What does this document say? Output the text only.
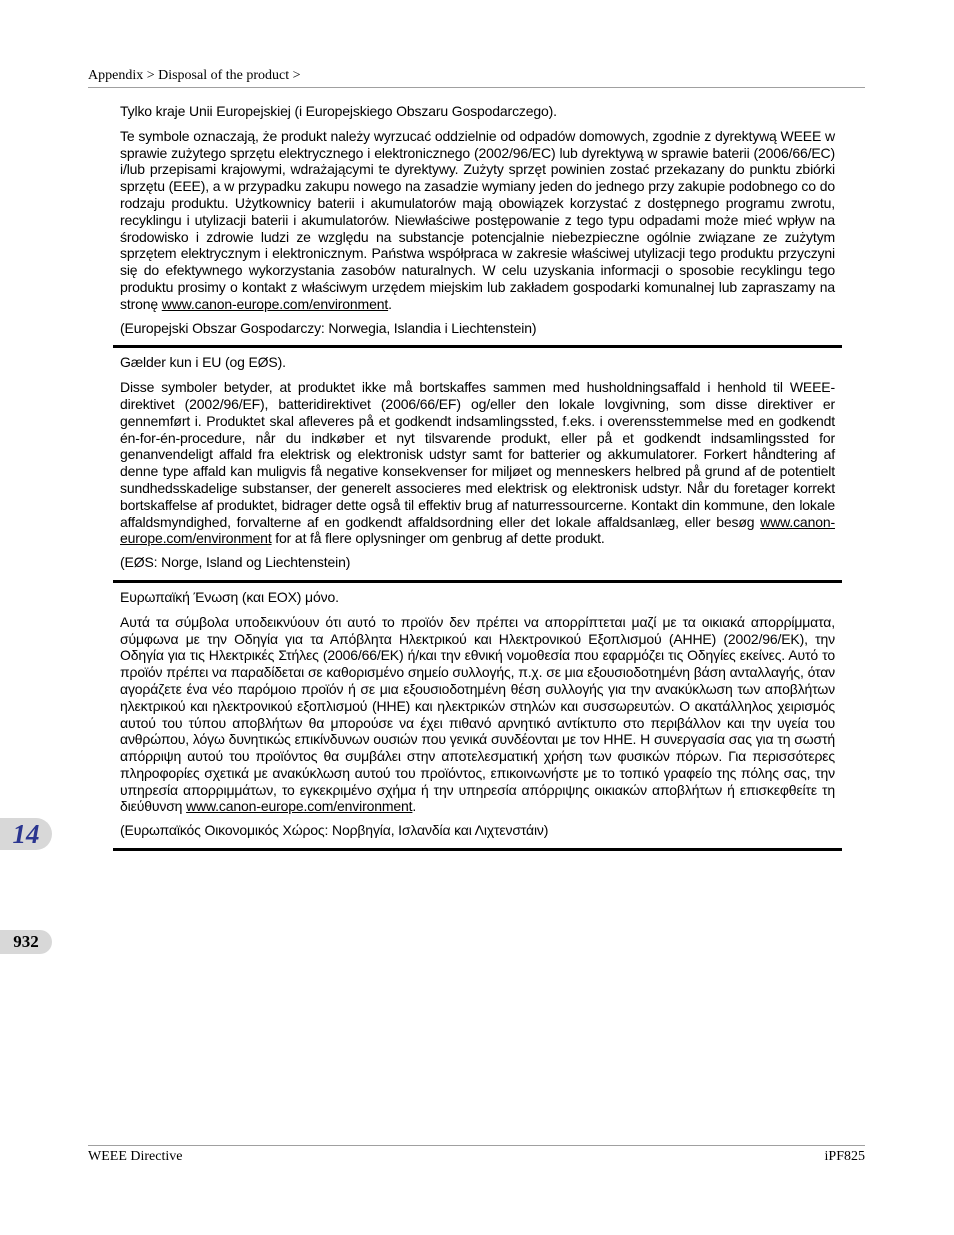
Appendix > Disposal of the product >

Tylko kraje Unii Europejskiej (i Europejskiego Obszaru Gospodarczego).

Te symbole oznaczają, że produkt należy wyrzucać oddzielnie od odpadów domowych, zgodnie z dyrektywą WEEE w sprawie zużytego sprzętu elektrycznego i elektronicznego (2002/96/EC) lub dyrektywą w sprawie baterii (2006/66/EC) i/lub przepisami krajowymi, wdrażającymi te dyrektywy. Zużyty sprzęt powinien zostać przekazany do punktu zbiórki sprzętu (EEE), a w przypadku zakupu nowego na zasadzie wymiany jeden do jednego przy zakupie podobnego co do rodzaju produktu. Użytkownicy baterii i akumulatorów mają obowiązek korzystać z dostępnego programu zwrotu, recyklingu i utylizacji baterii i akumulatorów. Niewłaściwe postępowanie z tego typu odpadami może mieć wpływ na środowisko i zdrowie ludzi ze względu na substancje potencjalnie niebezpieczne ogólnie związane ze zużytym sprzętem elektrycznym i elektronicznym. Państwa współpraca w zakresie właściwej utylizacji tego produktu przyczyni się do efektywnego wykorzystania zasobów naturalnych. W celu uzyskania informacji o sposobie recyklingu tego produktu prosimy o kontakt z właściwym urzędem miejskim lub zakładem gospodarki komunalnej lub zapraszamy na stronę www.canon-europe.com/environment.

(Europejski Obszar Gospodarczy: Norwegia, Islandia i Liechtenstein)

Gælder kun i EU (og EØS).

Disse symboler betyder, at produktet ikke må bortskaffes sammen med husholdningsaffald i henhold til WEEE-direktivet (2002/96/EF), batteridirektivet (2006/66/EF) og/eller den lokale lovgivning, som disse direktiver er gennemført i. Produktet skal afleveres på et godkendt indsamlingssted, f.eks. i overensstemmelse med en godkendt én-for-én-procedure, når du indkøber et nyt tilsvarende produkt, eller på et godkendt indsamlingssted for genanvendeligt affald fra elektrisk og elektronisk udstyr samt for batterier og akkumulatorer. Forkert håndtering af denne type affald kan muligvis få negative konsekvenser for miljøet og menneskers helbred på grund af de potentielt sundhedsskadelige substanser, der generelt associeres med elektrisk og elektronisk udstyr. Når du foretager korrekt bortskaffelse af produktet, bidrager dette også til effektiv brug af naturressourcerne. Kontakt din kommune, den lokale affaldsmyndighed, forvalterne af en godkendt affaldsordning eller det lokale affaldsanlæg, eller besøg www.canon-europe.com/environment for at få flere oplysninger om genbrug af dette produkt.

(EØS: Norge, Island og Liechtenstein)

Ευρωπαϊκή Ένωση (και ΕΟΧ) μόνο.

Αυτά τα σύμβολα υποδεικνύουν ότι αυτό το προϊόν δεν πρέπει να απορρίπτεται μαζί με τα οικιακά απορρίμματα, σύμφωνα με την Οδηγία για τα Απόβλητα Ηλεκτρικού και Ηλεκτρονικού Εξοπλισμού (ΑΗΗΕ) (2002/96/ΕΚ), την Οδηγία για τις Ηλεκτρικές Στήλες (2006/66/ΕΚ) ή/και την εθνική νομοθεσία που εφαρμόζει τις Οδηγίες εκείνες. Αυτό το προϊόν πρέπει να παραδίδεται σε καθορισμένο σημείο συλλογής, π.χ. σε μια εξουσιοδοτημένη βάση ανταλλαγής, όταν αγοράζετε ένα νέο παρόμοιο προϊόν ή σε μια εξουσιοδοτημένη θέση συλλογής για την ανακύκλωση των αποβλήτων ηλεκτρικού και ηλεκτρονικού εξοπλισμού (ΗΗΕ) και ηλεκτρικών στηλών και συσσωρευτών. Ο ακατάλληλος χειρισμός αυτού του τύπου αποβλήτων θα μπορούσε να έχει πιθανό αρνητικό αντίκτυπο στο περιβάλλον και την υγεία του ανθρώπου, λόγω δυνητικώς επικίνδυνων ουσιών που γενικά συνδέονται με τον ΗΗΕ. Η συνεργασία σας για τη σωστή απόρριψη αυτού του προϊόντος θα συμβάλει στην αποτελεσματική χρήση των φυσικών πόρων. Για περισσότερες πληροφορίες σχετικά με ανακύκλωση αυτού του προϊόντος, επικοινωνήστε με το τοπικό γραφείο της πόλης σας, την υπηρεσία απορριμμάτων, το εγκεκριμένο σχήμα ή την υπηρεσία απόρριψης οικιακών αποβλήτων ή επισκεφθείτε τη διεύθυνση www.canon-europe.com/environment.

(Ευρωπαϊκός Οικονομικός Χώρος: Νορβηγία, Ισλανδία και Λιχτενστάιν)

14
932
WEEE Directive	iPF825
